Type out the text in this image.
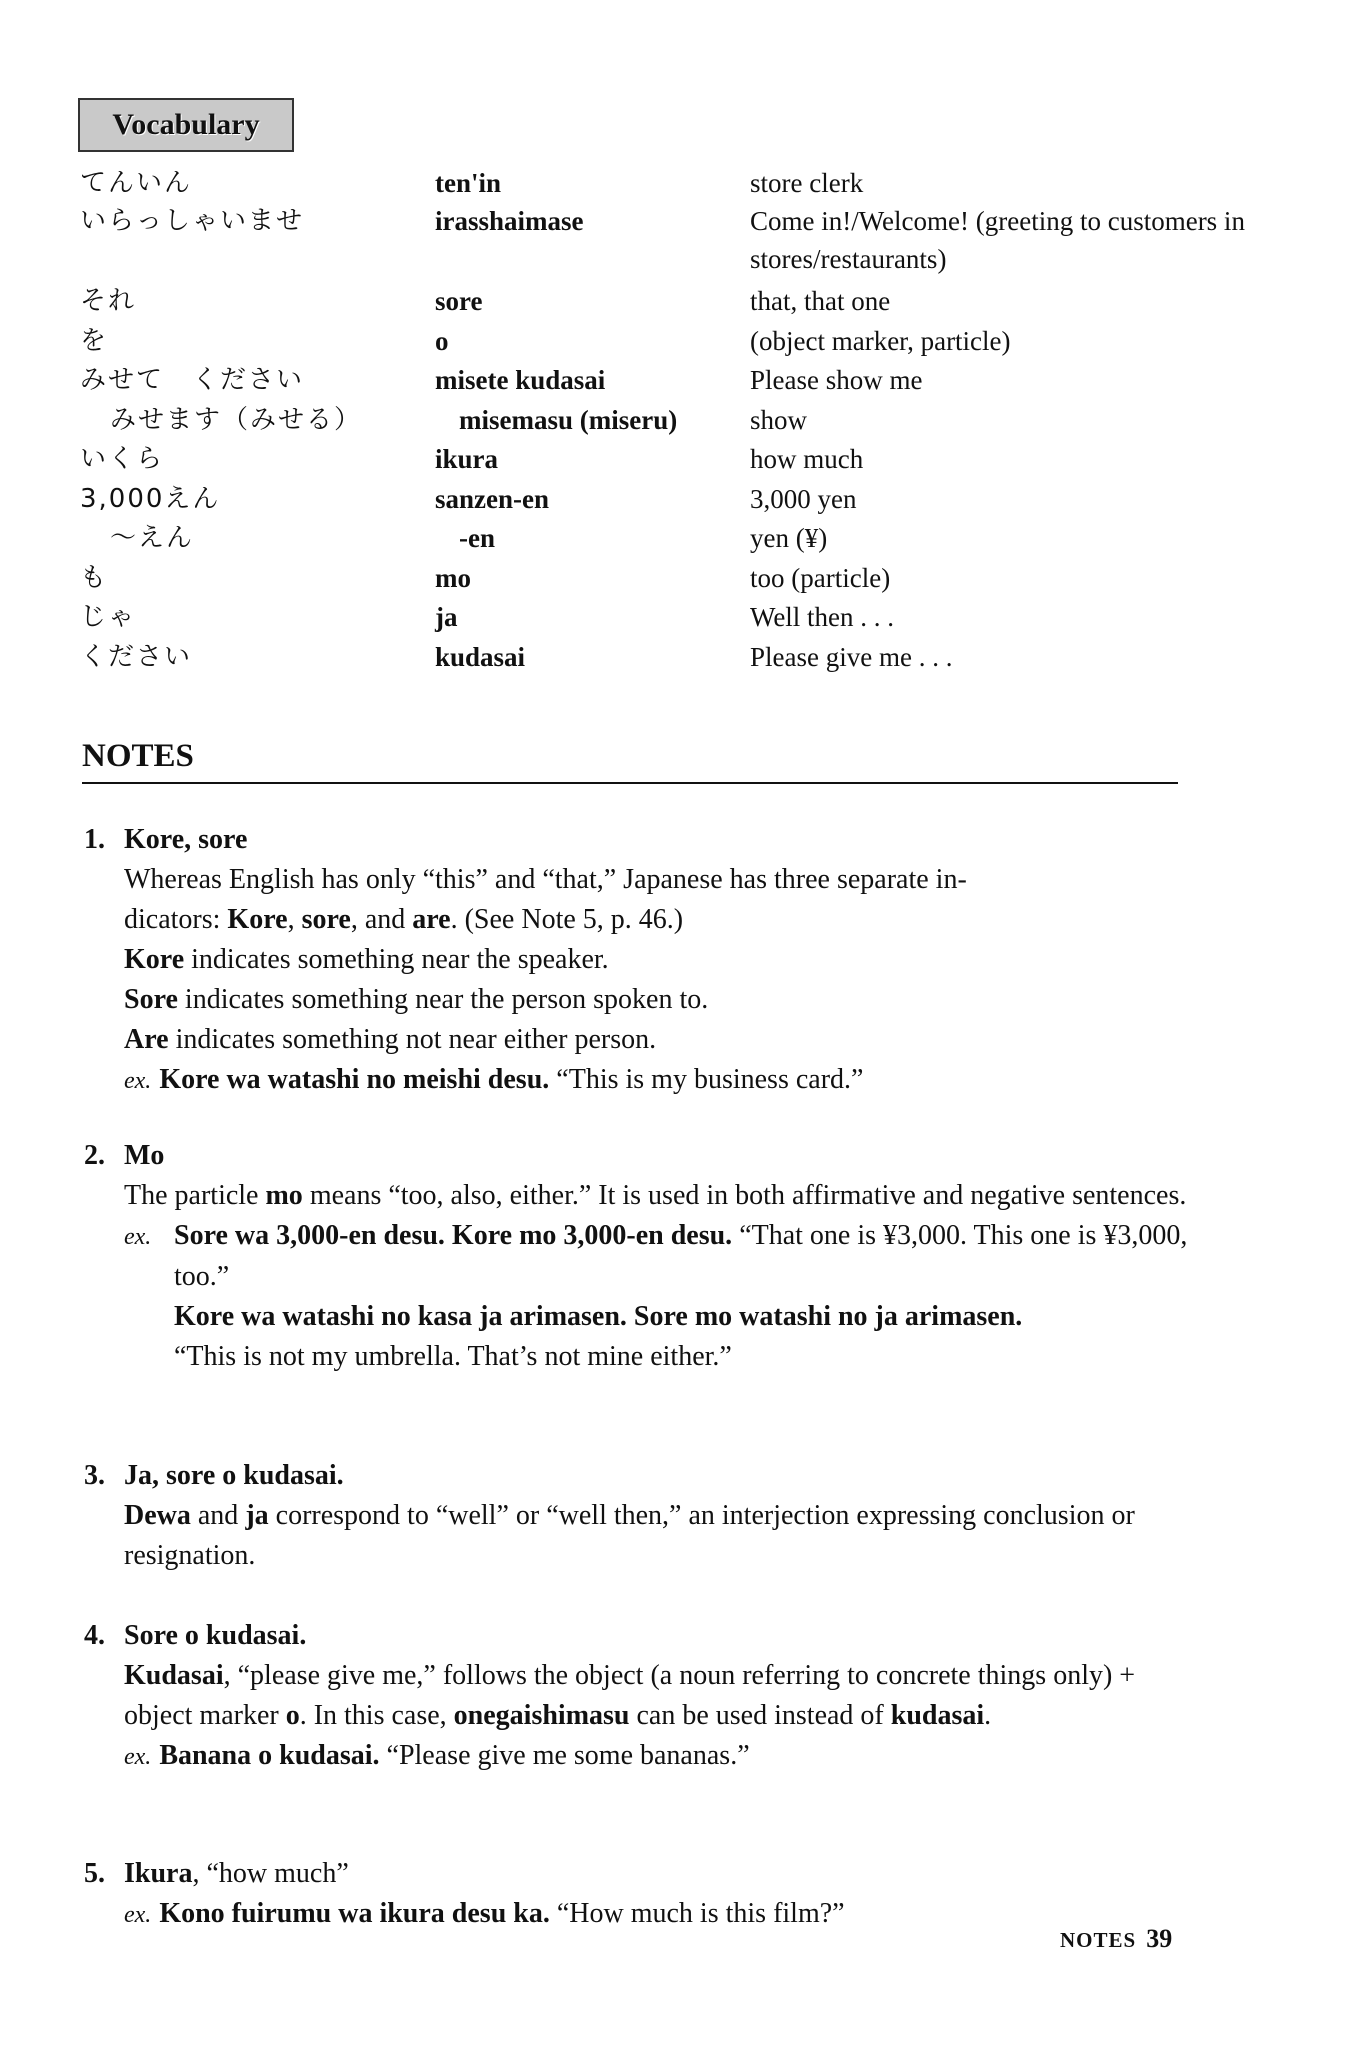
Vocabulary
てんいん	ten'in	store clerk
いらっしゃいませ	irasshaimase	Come in!/Welcome! (greeting to customers in stores/restaurants)
それ	sore	that, that one
を	o	(object marker, particle)
みせて　ください	misete kudasai	Please show me
みせます（みせる）	misemasu (miseru)	show
いくら	ikura	how much
3,000えん	sanzen-en	3,000 yen
～えん	-en	yen (¥)
も	mo	too (particle)
じゃ	ja	Well then . . .
ください	kudasai	Please give me . . .
NOTES
1. Kore, sore

Whereas English has only “this” and “that,” Japanese has three separate in-

dicators: Kore, sore, and are. (See Note 5, p. 46.)

Kore indicates something near the speaker.

Sore indicates something near the person spoken to.

Are indicates something not near either person.

ex. Kore wa watashi no meishi desu. “This is my business card.”

2. Mo

The particle mo means “too, also, either.” It is used in both affirmative and negative sentences.

ex. Sore wa 3,000-en desu. Kore mo 3,000-en desu. “That one is ¥3,000. This one is ¥3,000, too.”

Kore wa watashi no kasa ja arimasen. Sore mo watashi no ja arimasen.
“This is not my umbrella. That’s not mine either.”

3. Ja, sore o kudasai.

Dewa and ja correspond to “well” or “well then,” an interjection expressing conclusion or resignation.

4. Sore o kudasai.

Kudasai, “please give me,” follows the object (a noun referring to concrete things only) + object marker o. In this case, onegaishimasu can be used instead of kudasai.

ex. Banana o kudasai. “Please give me some bananas.”

5. Ikura, “how much”

ex. Kono fuirumu wa ikura desu ka. “How much is this film?”

NOTES 39
